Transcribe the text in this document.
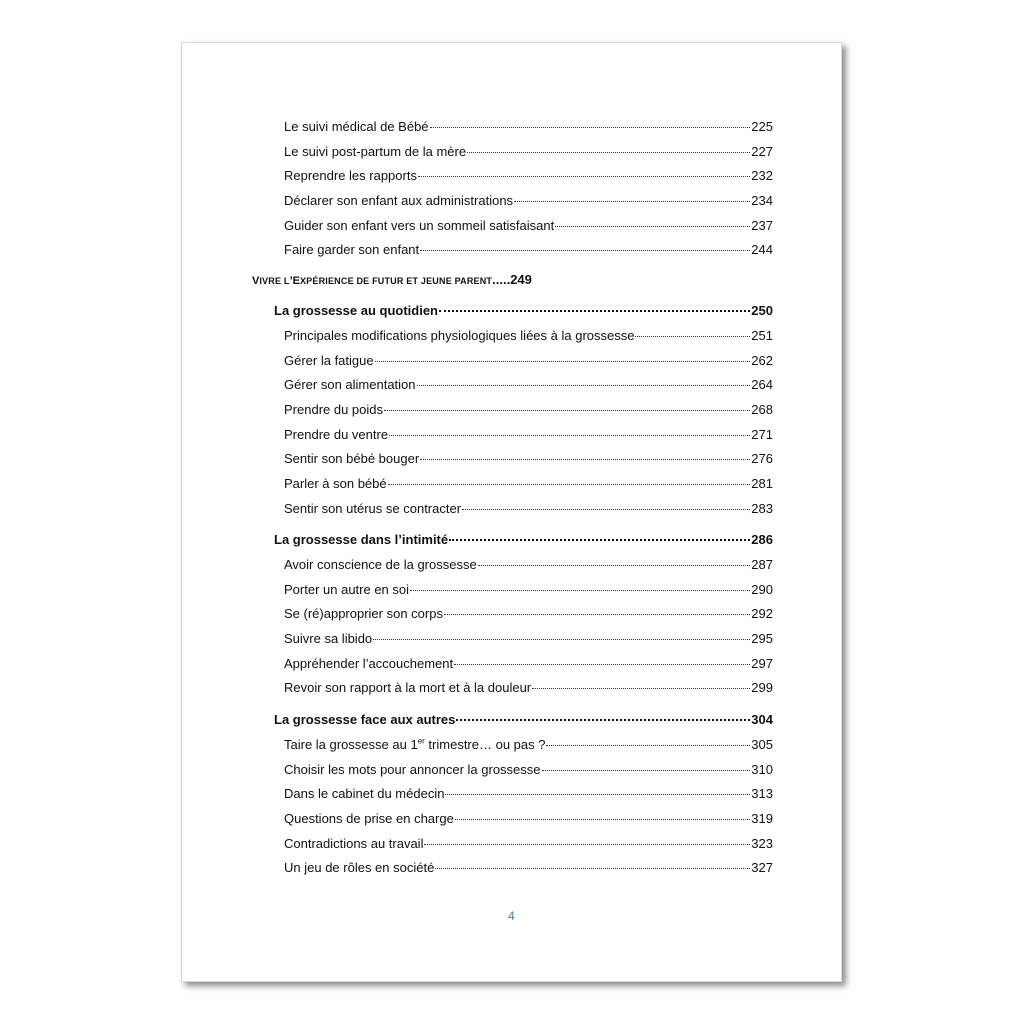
Le suivi médical de Bébé	225
Le suivi post-partum de la mère	227
Reprendre les rapports	232
Déclarer son enfant aux administrations	234
Guider son enfant vers un sommeil satisfaisant	237
Faire garder son enfant	244
VIVRE L’EXPÉRIENCE DE FUTUR ET JEUNE PARENT.....249
La grossesse au quotidien	250
Principales modifications physiologiques liées à la grossesse	251
Gérer la fatigue	262
Gérer son alimentation	264
Prendre du poids	268
Prendre du ventre	271
Sentir son bébé bouger	276
Parler à son bébé	281
Sentir son utérus se contracter	283
La grossesse dans l’intimité	286
Avoir conscience de la grossesse	287
Porter un autre en soi	290
Se (ré)approprier son corps	292
Suivre sa libido	295
Appréhender l’accouchement	297
Revoir son rapport à la mort et à la douleur	299
La grossesse face aux autres	304
Taire la grossesse au 1er trimestre… ou pas ?	305
Choisir les mots pour annoncer la grossesse	310
Dans le cabinet du médecin	313
Questions de prise en charge	319
Contradictions au travail	323
Un jeu de rôles en société	327
4
